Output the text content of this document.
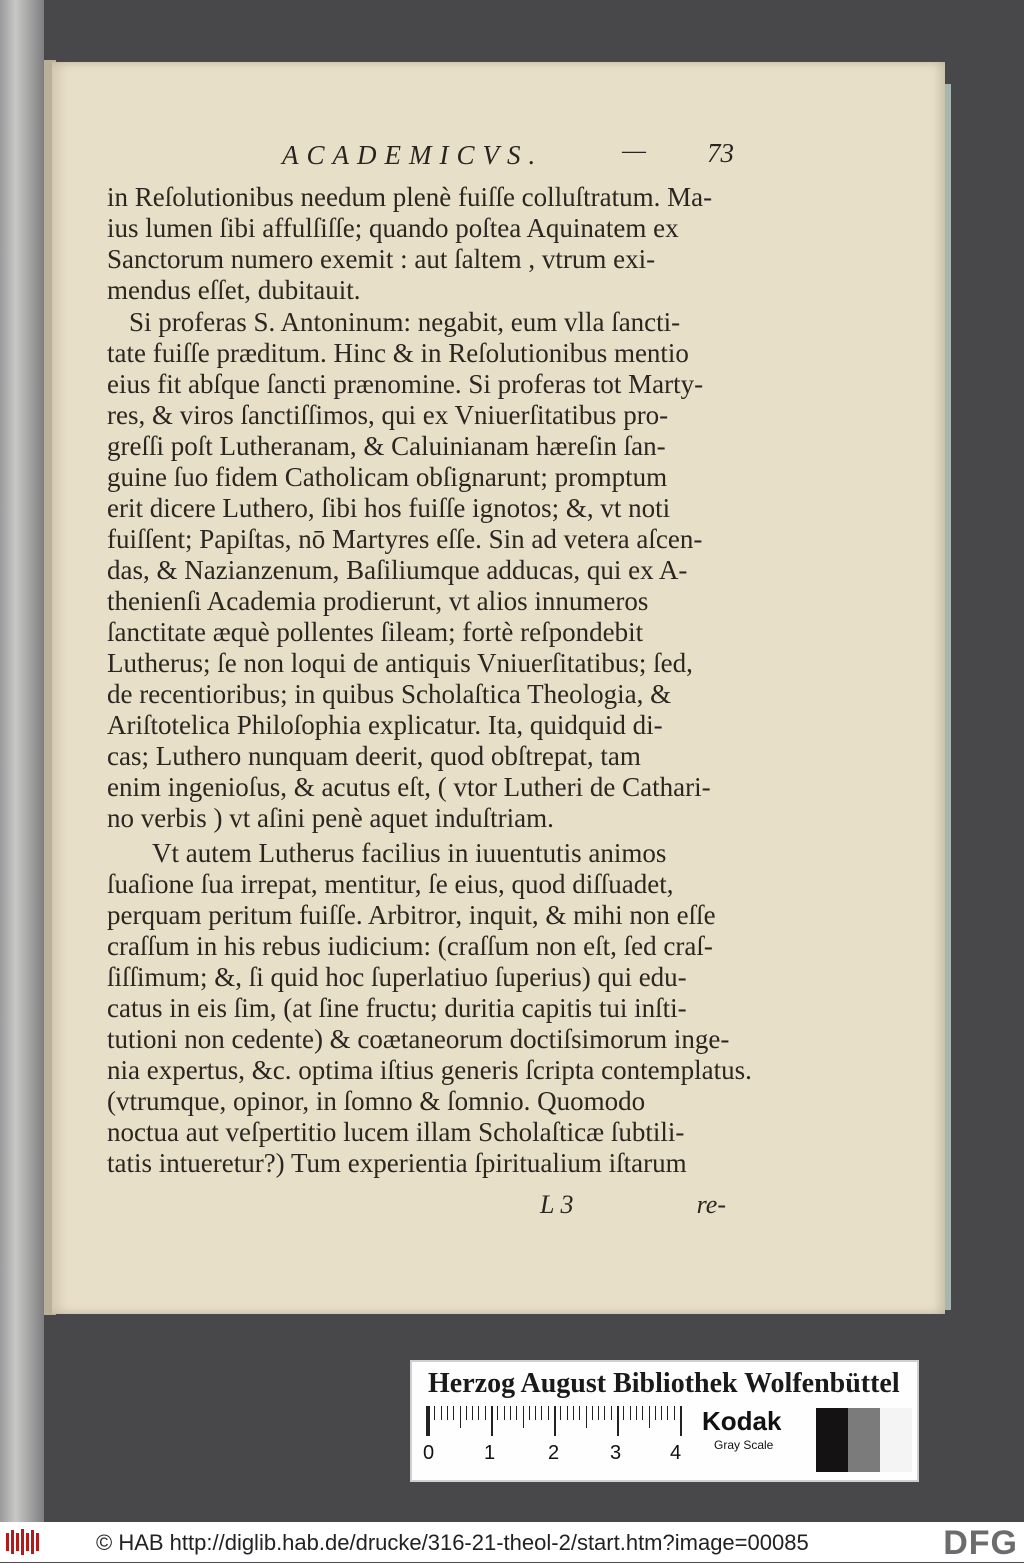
ACADEMICVS.	— 73
in Reſolutionibus needum plenè fuiſſe colluſtratum. Ma-
ius lumen ſibi affulſiſſe; quando poſtea Aquinatem ex
Sanctorum numero exemit : aut ſaltem , vtrum exi-
mendus eſſet, dubitauit.
Si proferas S. Antoninum: negabit, eum vlla ſancti-
tate fuiſſe præditum. Hinc & in Reſolutionibus mentio
eius fit abſque ſancti prænomine. Si proferas tot Marty-
res, & viros ſanctiſſimos, qui ex Vniuerſitatibus pro-
greſſi poſt Lutheranam, & Caluinianam hæreſin ſan-
guine ſuo fidem Catholicam obſignarunt; promptum
erit dicere Luthero, ſibi hos fuiſſe ignotos; &, vt noti
fuiſſent; Papiſtas, nō Martyres eſſe. Sin ad vetera aſcen-
das, & Nazianzenum, Baſiliumque adducas, qui ex A-
thenienſi Academia prodierunt, vt alios innumeros
ſanctitate æquè pollentes ſileam; fortè reſpondebit
Lutherus; ſe non loqui de antiquis Vniuerſitatibus; ſed,
de recentioribus; in quibus Scholaſtica Theologia, &
Ariſtotelica Philoſophia explicatur. Ita, quidquid di-
cas; Luthero nunquam deerit, quod obſtrepat, tam
enim ingenioſus, & acutus eſt, ( vtor Lutheri de Cathari-
no verbis ) vt aſini penè aquet induſtriam.
Vt autem Lutherus facilius in iuuentutis animos
ſuaſione ſua irrepat, mentitur, ſe eius, quod diſſuadet,
perquam peritum fuiſſe. Arbitror, inquit, & mihi non eſſe
craſſum in his rebus iudicium: (craſſum non eſt, ſed craſ-
ſiſſimum; &, ſi quid hoc ſuperlatiuo ſuperius) qui edu-
catus in eis ſim, (at ſine fructu; duritia capitis tui inſti-
tutioni non cedente) & coætaneorum doctiſsimorum inge-
nia expertus, &c. optima iſtius generis ſcripta contemplatus.
(vtrumque, opinor, in ſomno & ſomnio. Quomodo
noctua aut veſpertitio lucem illam Scholaſticæ ſubtili-
tatis intueretur?) Tum experientia ſpiritualium iſtarum
L 3	re-
Herzog August Bibliothek Wolfenbüttel
0 1	2	3 4
Kodak
Gray Scale
© HAB http://diglib.hab.de/drucke/316-21-theol-2/start.htm?image=00085	DFG
